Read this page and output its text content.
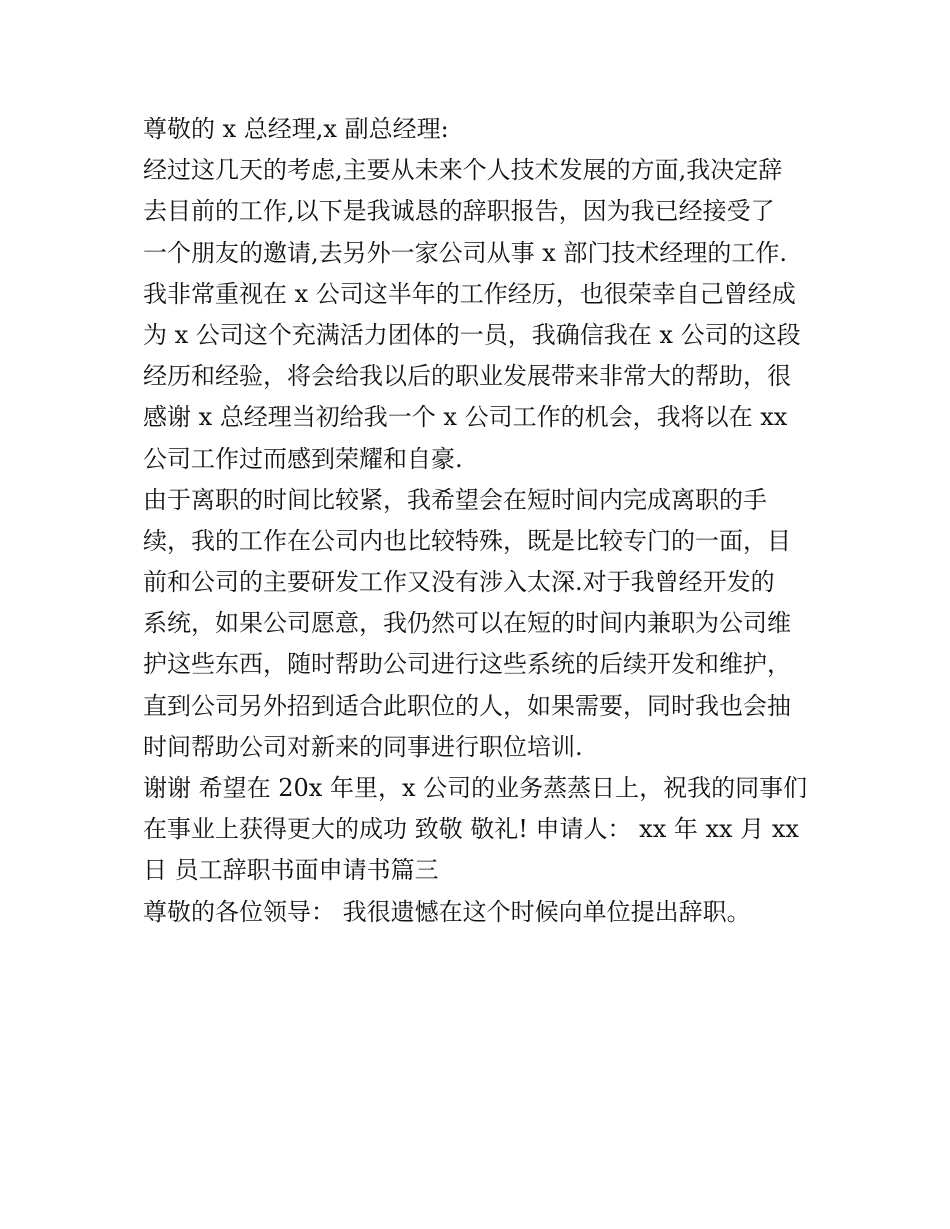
尊敬的 x 总经理,x 副总经理:
经过这几天的考虑,主要从未来个人技术发展的方面,我决定辞
去目前的工作,以下是我诚恳的辞职报告，因为我已经接受了
一个朋友的邀请,去另外一家公司从事 x 部门技术经理的工作.
我非常重视在 x 公司这半年的工作经历，也很荣幸自己曾经成
为 x 公司这个充满活力团体的一员，我确信我在 x 公司的这段
经历和经验，将会给我以后的职业发展带来非常大的帮助，很
感谢 x 总经理当初给我一个 x 公司工作的机会，我将以在 xx
公司工作过而感到荣耀和自豪.
由于离职的时间比较紧，我希望会在短时间内完成离职的手
续，我的工作在公司内也比较特殊，既是比较专门的一面，目
前和公司的主要研发工作又没有涉入太深.对于我曾经开发的
系统，如果公司愿意，我仍然可以在短的时间内兼职为公司维
护这些东西，随时帮助公司进行这些系统的后续开发和维护，
直到公司另外招到适合此职位的人，如果需要，同时我也会抽
时间帮助公司对新来的同事进行职位培训.
谢谢 希望在 20x 年里，x 公司的业务蒸蒸日上，祝我的同事们
在事业上获得更大的成功 致敬 敬礼! 申请人： xx 年 xx 月 xx
日 员工辞职书面申请书篇三
尊敬的各位领导： 我很遗憾在这个时候向单位提出辞职。
